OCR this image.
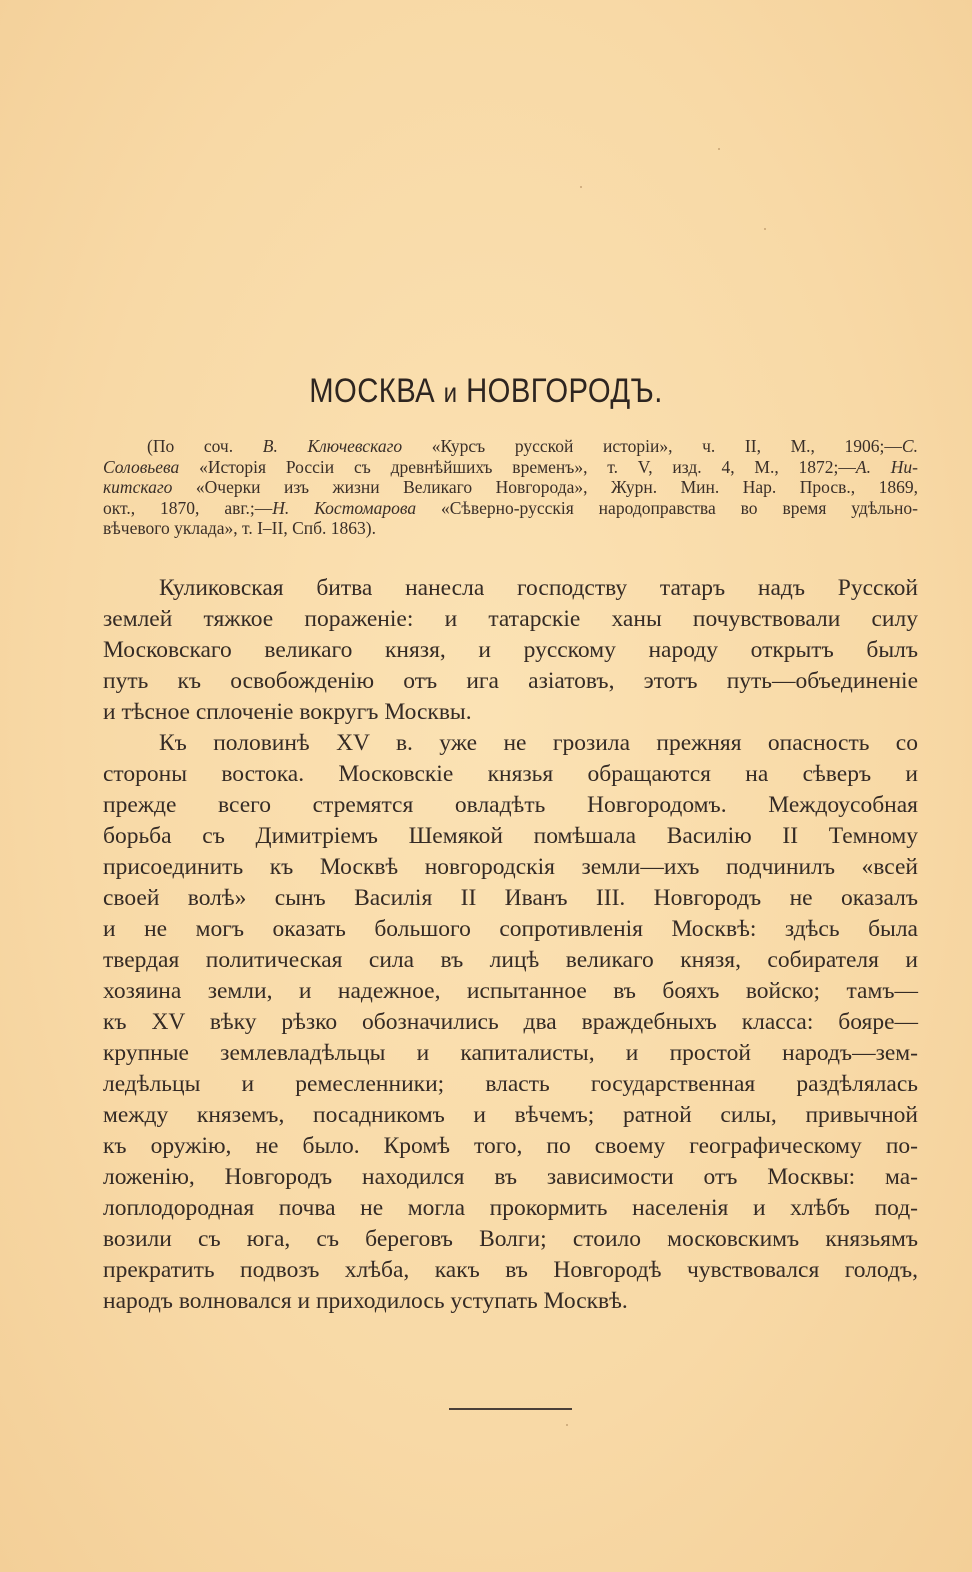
МОСКВА и НОВГОРОДЪ.
(По соч. В. Ключевскаго «Курсъ русской исторiи», ч. II, М., 1906;—С.
Соловьева «Исторiя Россiи съ древнѣйшихъ временъ», т. V, изд. 4, М., 1872;—А. Ни-
китскаго «Очерки изъ жизни Великаго Новгорода», Журн. Мин. Нар. Просв., 1869,
окт., 1870, авг.;—Н. Костомарова «Сѣверно-русскiя народоправства во время удѣльно-
вѣчевого уклада», т. I–II, Спб. 1863).
Куликовская битва нанесла господству татаръ надъ Русской
землей тяжкое пораженiе: и татарскiе ханы почувствовали силу
Московскаго великаго князя, и русскому народу открытъ былъ
путь къ освобожденiю отъ ига азiатовъ, этотъ путь—объединенiе
и тѣсное сплоченiе вокругъ Москвы.
Къ половинѣ XV в. уже не грозила прежняя опасность со
стороны востока. Московскiе князья обращаются на сѣверъ и
прежде всего стремятся овладѣть Новгородомъ. Междоусобная
борьба съ Димитрiемъ Шемякой помѣшала Василiю II Темному
присоединить къ Москвѣ новгородскiя земли—ихъ подчинилъ «всей
своей волѣ» сынъ Василiя II Иванъ III. Новгородъ не оказалъ
и не могъ оказать большого сопротивленiя Москвѣ: здѣсь была
твердая политическая сила въ лицѣ великаго князя, собирателя и
хозяина земли, и надежное, испытанное въ бояхъ войско; тамъ—
къ XV вѣку рѣзко обозначились два враждебныхъ класса: бояре—
крупные землевладѣльцы и капиталисты, и простой народъ—зем-
ледѣльцы и ремесленники; власть государственная раздѣлялась
между княземъ, посадникомъ и вѣчемъ; ратной силы, привычной
къ оружiю, не было. Кромѣ того, по своему географическому по-
ложенiю, Новгородъ находился въ зависимости отъ Москвы: ма-
лоплодородная почва не могла прокормить населенiя и хлѣбъ под-
возили съ юга, съ береговъ Волги; стоило московскимъ князьямъ
прекратить подвозъ хлѣба, какъ въ Новгородѣ чувствовался голодъ,
народъ волновался и приходилось уступать Москвѣ.
